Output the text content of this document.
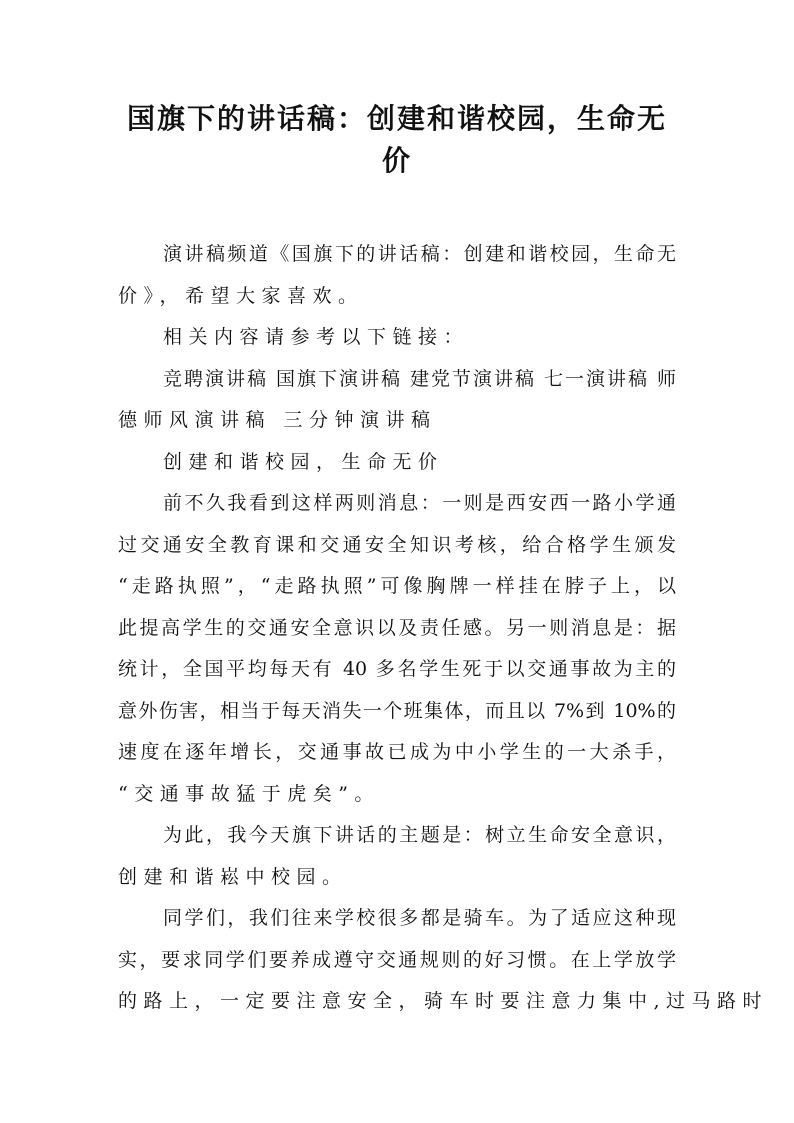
国旗下的讲话稿：创建和谐校园，生命无
价
演讲稿频道《国旗下的讲话稿：创建和谐校园，生命无
价》，希望大家喜欢。
相关内容请参考以下链接：
竞聘演讲稿 国旗下演讲稿 建党节演讲稿 七一演讲稿 师
德师风演讲稿 三分钟演讲稿
创建和谐校园，生命无价
前不久我看到这样两则消息：一则是西安西一路小学通
过交通安全教育课和交通安全知识考核，给合格学生颁发
“走路执照”，“走路执照”可像胸牌一样挂在脖子上，以
此提高学生的交通安全意识以及责任感。另一则消息是：据
统计，全国平均每天有 40 多名学生死于以交通事故为主的
意外伤害，相当于每天消失一个班集体，而且以 7%到 10%的
速度在逐年增长，交通事故已成为中小学生的一大杀手，
“交通事故猛于虎矣”。
为此，我今天旗下讲话的主题是：树立生命安全意识，
创建和谐崧中校园。
同学们，我们往来学校很多都是骑车。为了适应这种现
实，要求同学们要养成遵守交通规则的好习惯。在上学放学
的路上，一定要注意安全，骑车时要注意力集中,过马路时
